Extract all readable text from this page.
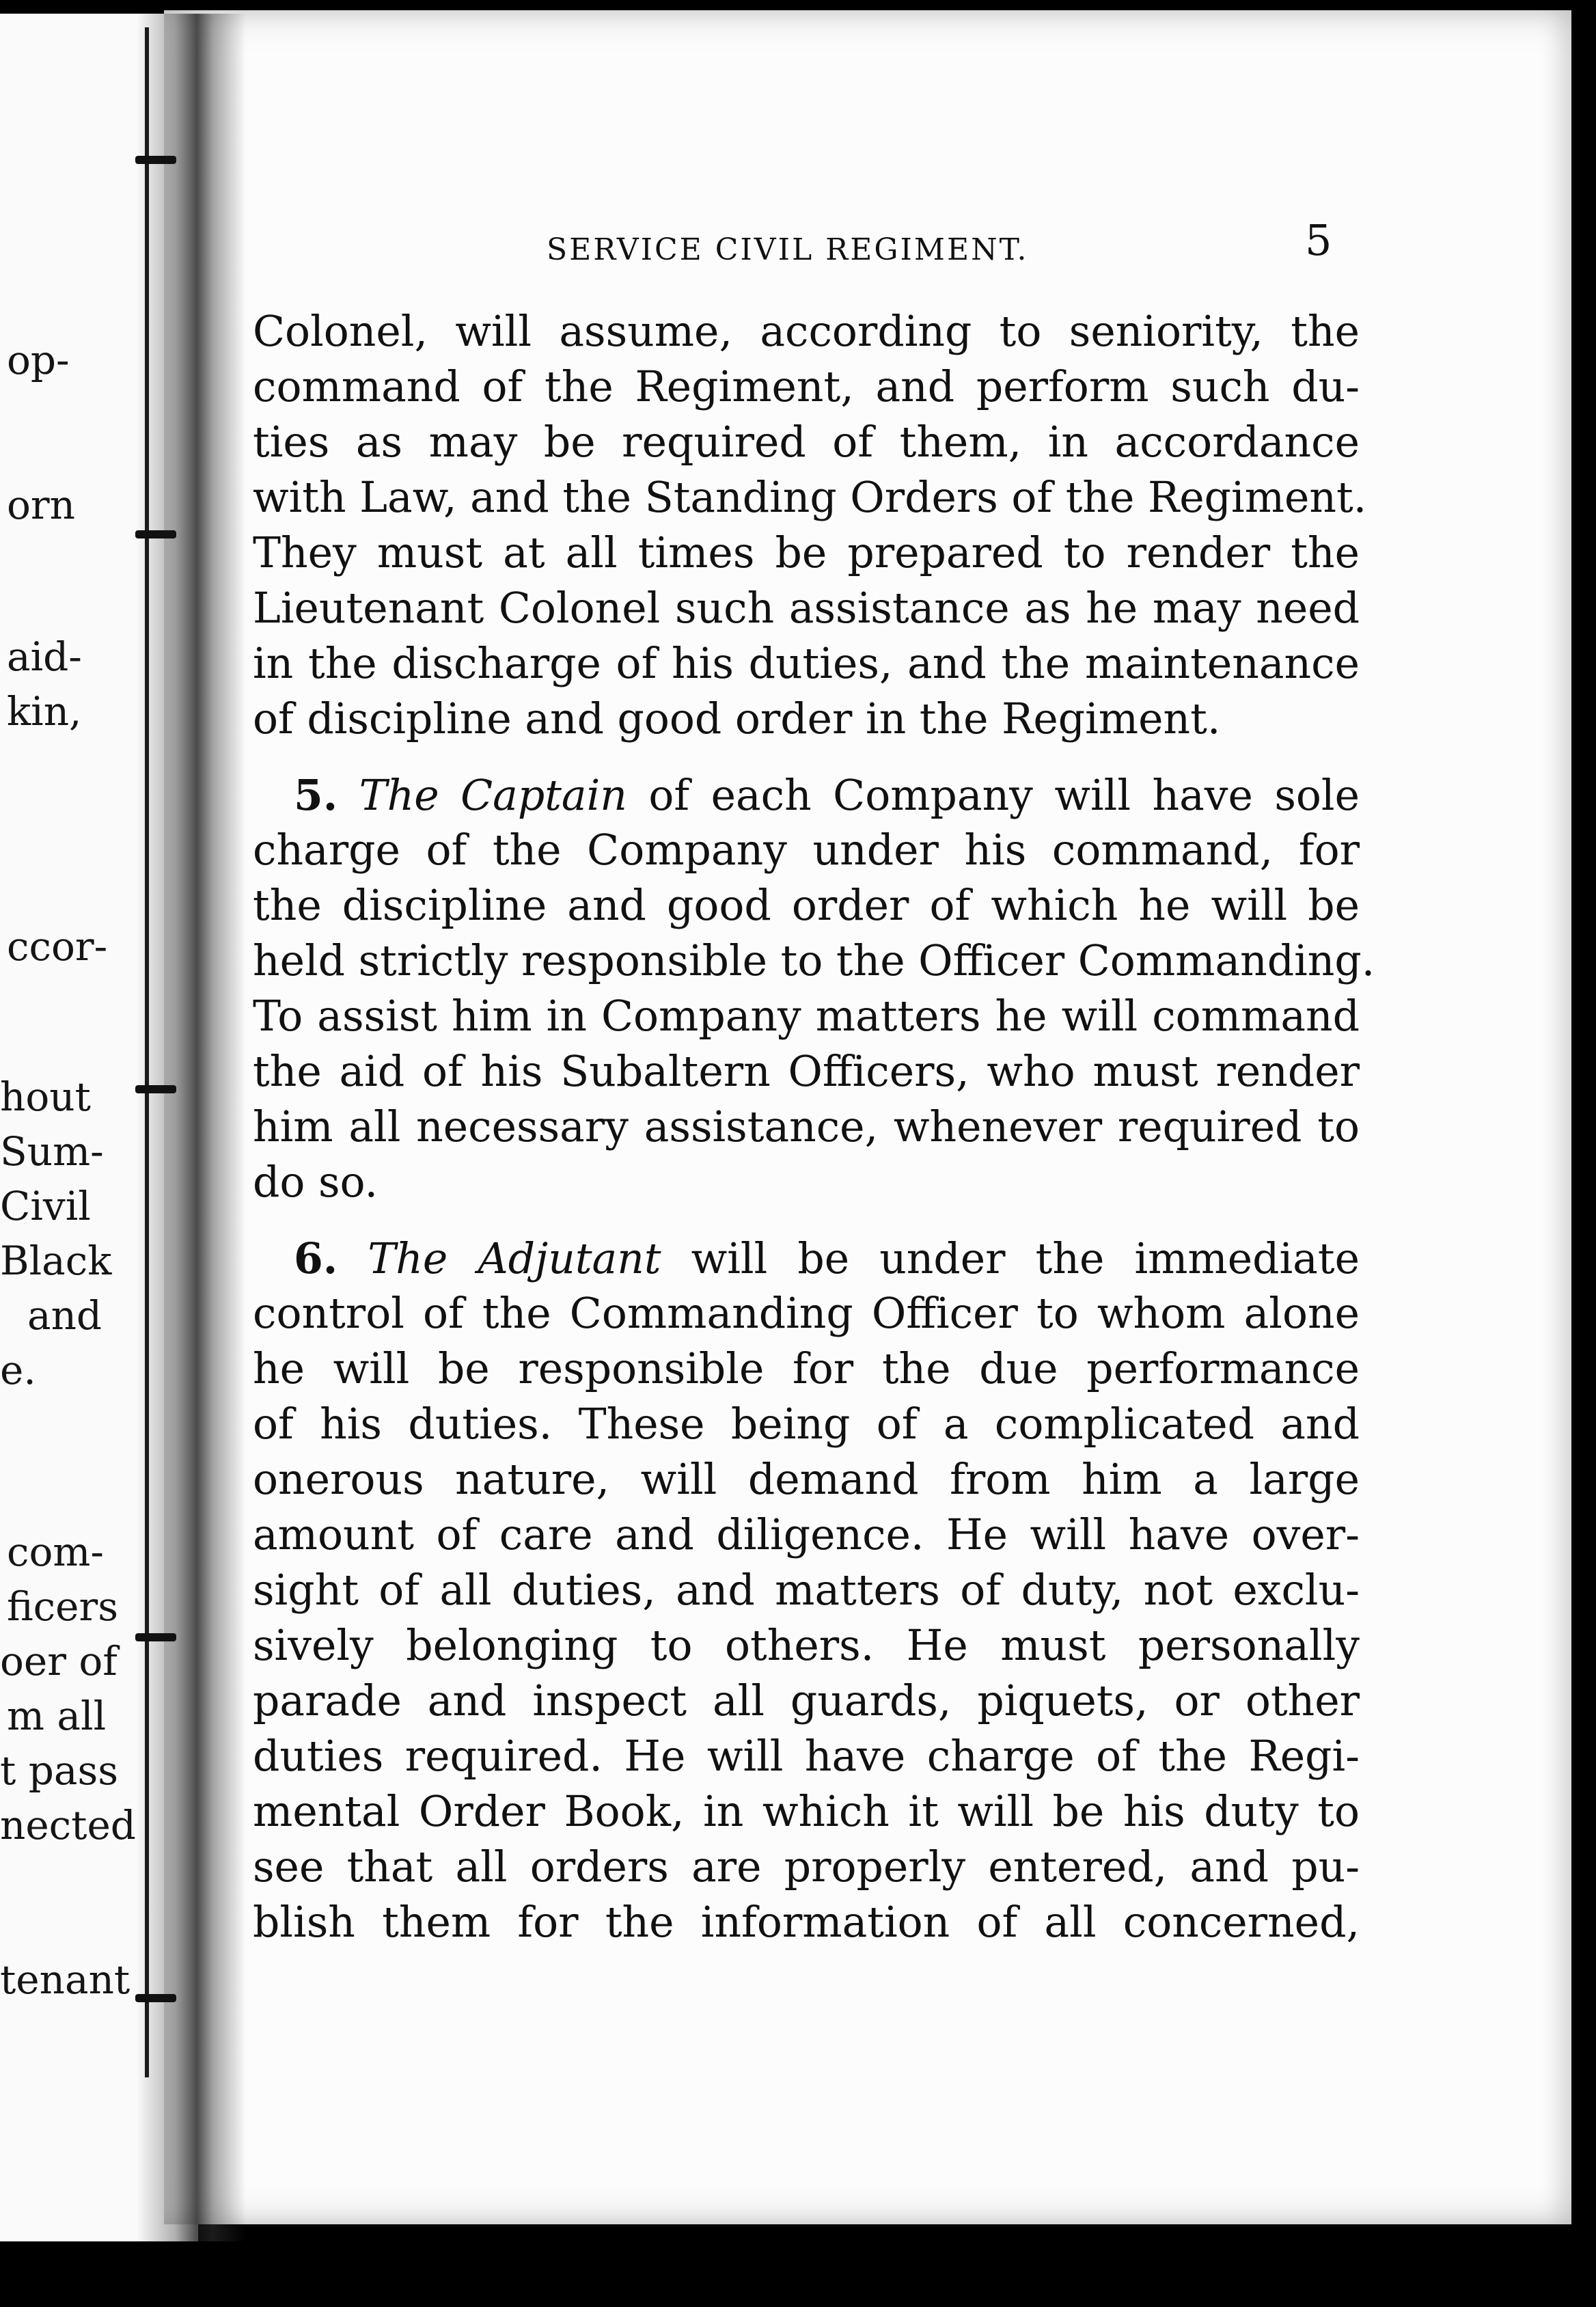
op-
orn
aid-
kin,
ccor-
hout
Sum-
Civil
Black
and
e.
com-
ficers
oer of
m all
t pass
nected
tenant
SERVICE CIVIL REGIMENT.	5
Colonel, will assume, according to seniority, the
command of the Regiment, and perform such du-
ties as may be required of them, in accordance
with Law, and the Standing Orders of the Regiment.
They must at all times be prepared to render the
Lieutenant Colonel such assistance as he may need
in the discharge of his duties, and the maintenance
of discipline and good order in the Regiment.
5. The Captain of each Company will have sole
charge of the Company under his command, for
the discipline and good order of which he will be
held strictly responsible to the Officer Commanding.
To assist him in Company matters he will command
the aid of his Subaltern Officers, who must render
him all necessary assistance, whenever required to
do so.
6. The Adjutant will be under the immediate
control of the Commanding Officer to whom alone
he will be responsible for the due performance
of his duties. These being of a complicated and
onerous nature, will demand from him a large
amount of care and diligence. He will have over-
sight of all duties, and matters of duty, not exclu-
sively belonging to others. He must personally
parade and inspect all guards, piquets, or other
duties required. He will have charge of the Regi-
mental Order Book, in which it will be his duty to
see that all orders are properly entered, and pu-
blish them for the information of all concerned,
